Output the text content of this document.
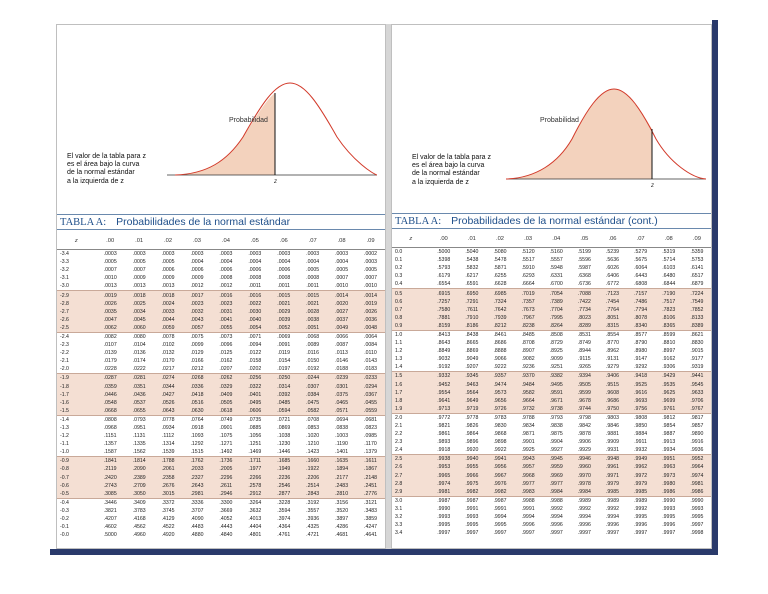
El valor de la tabla para z
es el área bajo la curva
de la normal estándar
a la izquierda de z	z
Probabilidad
TABLA A: Probabilidades de la normal estándar
z	.00	.01	.02	.03	.04	.05	.06	.07	.08	.09
-3.4	.0003	.0003	.0003	.0003	.0003	.0003	.0003	.0003	.0003	.0002
-3.3	.0005	.0005	.0005	.0004	.0004	.0004	.0004	.0004	.0004	.0003
-3.2	.0007	.0007	.0006	.0006	.0006	.0006	.0006	.0005	.0005	.0005
-3.1	.0010	.0009	.0009	.0009	.0008	.0008	.0008	.0008	.0007	.0007
-3.0	.0013	.0013	.0013	.0012	.0012	.0011	.0011	.0011	.0010	.0010
-2.9	.0019	.0018	.0018	.0017	.0016	.0016	.0015	.0015	.0014	.0014
-2.8	.0026	.0025	.0024	.0023	.0023	.0022	.0021	.0021	.0020	.0019
-2.7	.0035	.0034	.0033	.0032	.0031	.0030	.0029	.0028	.0027	.0026
-2.6	.0047	.0045	.0044	.0043	.0041	.0040	.0039	.0038	.0037	.0036
-2.5	.0062	.0060	.0059	.0057	.0055	.0054	.0052	.0051	.0049	.0048
-2.4	.0082	.0080	.0078	.0075	.0073	.0071	.0069	.0068	.0066	.0064
-2.3	.0107	.0104	.0102	.0099	.0096	.0094	.0091	.0089	.0087	.0084
-2.2	.0139	.0136	.0132	.0129	.0125	.0122	.0119	.0116	.0113	.0110
-2.1	.0179	.0174	.0170	.0166	.0162	.0158	.0154	.0150	.0146	.0143
-2.0	.0228	.0222	.0217	.0212	.0207	.0202	.0197	.0192	.0188	.0183
-1.9	.0287	.0281	.0274	.0268	.0262	.0256	.0250	.0244	.0239	.0233
-1.8	.0359	.0351	.0344	.0336	.0329	.0322	.0314	.0307	.0301	.0294
-1.7	.0446	.0436	.0427	.0418	.0409	.0401	.0392	.0384	.0375	.0367
-1.6	.0548	.0537	.0526	.0516	.0505	.0495	.0485	.0475	.0465	.0455
-1.5	.0668	.0655	.0643	.0630	.0618	.0606	.0594	.0582	.0571	.0559
-1.4	.0808	.0793	.0778	.0764	.0749	.0735	.0721	.0708	.0694	.0681
-1.3	.0968	.0951	.0934	.0918	.0901	.0885	.0869	.0853	.0838	.0823
-1.2	.1151	.1131	.1112	.1093	.1075	.1056	.1038	.1020	.1003	.0985
-1.1	.1357	.1335	.1314	.1292	.1271	.1251	.1230	.1210	.1190	.1170
-1.0	.1587	.1562	.1539	.1515	.1492	.1469	.1446	.1423	.1401	.1379
-0.9	.1841	.1814	.1788	.1762	.1736	.1711	.1685	.1660	.1635	.1611
-0.8	.2119	.2090	.2061	.2033	.2005	.1977	.1949	.1922	.1894	.1867
-0.7	.2420	.2389	.2358	.2327	.2296	.2266	.2236	.2206	.2177	.2148
-0.6	.2743	.2709	.2676	.2643	.2611	.2578	.2546	.2514	.2483	.2451
-0.5	.3085	.3050	.3015	.2981	.2946	.2912	.2877	.2843	.2810	.2776
-0.4	.3446	.3409	.3372	.3336	.3300	.3264	.3228	.3192	.3156	.3121
-0.3	.3821	.3783	.3745	.3707	.3669	.3632	.3594	.3557	.3520	.3483
-0.2	.4207	.4168	.4129	.4090	.4052	.4013	.3974	.3936	.3897	.3859
-0.1	.4602	.4562	.4522	.4483	.4443	.4404	.4364	.4325	.4286	.4247
-0.0	.5000	.4960	.4920	.4880	.4840	.4801	.4761	.4721	.4681	.4641
El valor de la tabla para z
es el área bajo la curva
de la normal estándar
a la izquierda de z
z
Probabilidad
TABLA A: Probabilidades de la normal estándar (cont.)
z	.00	.01	.02	.03	.04	.05	.06	.07	.08	.09
0.0	.5000	.5040	.5080	.5120	.5160	.5199	.5239	.5279	.5319	.5359
0.1	.5398	.5438	.5478	.5517	.5557	.5596	.5636	.5675	.5714	.5753
0.2	.5793	.5832	.5871	.5910	.5948	.5987	.6026	.6064	.6103	.6141
0.3	.6179	.6217	.6255	.6293	.6331	.6368	.6406	.6443	.6480	.6517
0.4	.6554	.6591	.6628	.6664	.6700	.6736	.6772	.6808	.6844	.6879
0.5	.6915	.6950	.6985	.7019	.7054	.7088	.7123	.7157	.7190	.7224
0.6	.7257	.7291	.7324	.7357	.7389	.7422	.7454	.7486	.7517	.7549
0.7	.7580	.7611	.7642	.7673	.7704	.7734	.7764	.7794	.7823	.7852
0.8	.7881	.7910	.7939	.7967	.7995	.8023	.8051	.8078	.8106	.8133
0.9	.8159	.8186	.8212	.8238	.8264	.8289	.8315	.8340	.8365	.8389
1.0	.8413	.8438	.8461	.8485	.8508	.8531	.8554	.8577	.8599	.8621
1.1	.8643	.8665	.8686	.8708	.8729	.8749	.8770	.8790	.8810	.8830
1.2	.8849	.8869	.8888	.8907	.8925	.8944	.8962	.8980	.8997	.9015
1.3	.9032	.9049	.9066	.9082	.9099	.9115	.9131	.9147	.9162	.9177
1.4	.9192	.9207	.9222	.9236	.9251	.9265	.9279	.9292	.9306	.9319
1.5	.9332	.9345	.9357	.9370	.9382	.9394	.9406	.9418	.9429	.9441
1.6	.9452	.9463	.9474	.9484	.9495	.9505	.9515	.9525	.9535	.9545
1.7	.9554	.9564	.9573	.9582	.9591	.9599	.9608	.9616	.9625	.9633
1.8	.9641	.9649	.9656	.9664	.9671	.9678	.9686	.9693	.9699	.9706
1.9	.9713	.9719	.9726	.9732	.9738	.9744	.9750	.9756	.9761	.9767
2.0	.9772	.9778	.9783	.9788	.9793	.9798	.9803	.9808	.9812	.9817
2.1	.9821	.9826	.9830	.9834	.9838	.9842	.9846	.9850	.9854	.9857
2.2	.9861	.9864	.9868	.9871	.9875	.9878	.9881	.9884	.9887	.9890
2.3	.9893	.9896	.9898	.9901	.9904	.9906	.9909	.9911	.9913	.9916
2.4	.9918	.9920	.9922	.9925	.9927	.9929	.9931	.9932	.9934	.9936
2.5	.9938	.9940	.9941	.9943	.9945	.9946	.9948	.9949	.9951	.9952
2.6	.9953	.9955	.9956	.9957	.9959	.9960	.9961	.9962	.9963	.9964
2.7	.9965	.9966	.9967	.9968	.9969	.9970	.9971	.9972	.9973	.9974
2.8	.9974	.9975	.9976	.9977	.9977	.9978	.9979	.9979	.9980	.9981
2.9	.9981	.9982	.9982	.9983	.9984	.9984	.9985	.9985	.9986	.9986
3.0	.9987	.9987	.9987	.9988	.9988	.9989	.9989	.9989	.9990	.9990
3.1	.9990	.9991	.9991	.9991	.9992	.9992	.9992	.9992	.9993	.9993
3.2	.9993	.9993	.9994	.9994	.9994	.9994	.9994	.9995	.9995	.9995
3.3	.9995	.9995	.9995	.9996	.9996	.9996	.9996	.9996	.9996	.9997
3.4	.9997	.9997	.9997	.9997	.9997	.9997	.9997	.9997	.9997	.9998
